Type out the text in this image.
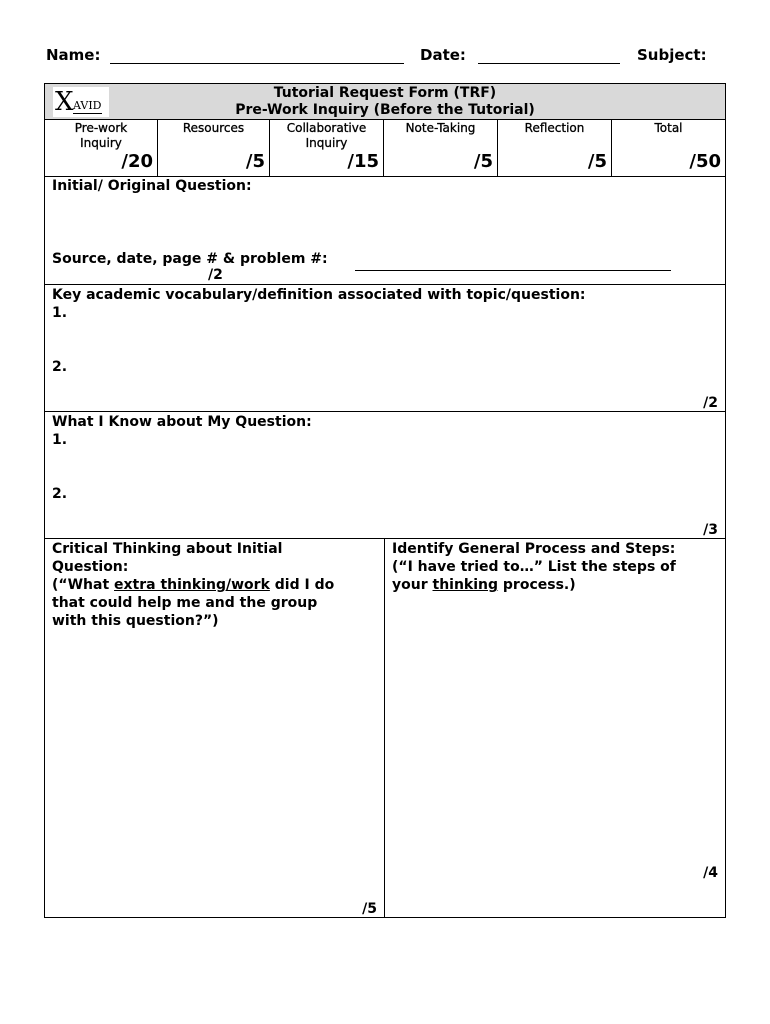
Name:	Date:	Subject:
X AVID
Tutorial Request Form (TRF)
Pre-Work Inquiry (Before the Tutorial)
Pre-work
Inquiry
/20
Resources
/5
Collaborative
Inquiry
/15
Note-Taking
/5
Reflection
/5
Total
/50
Initial/ Original Question:
Source, date, page # & problem #:
/2
Key academic vocabulary/definition associated with topic/question:
1.
2.
/2
What I Know about My Question:
1.
2.
/3
Critical Thinking about Initial
Question:
(“What extra thinking/work did I do
that could help me and the group
with this question?”)
/5
Identify General Process and Steps:
(“I have tried to…” List the steps of
your thinking process.)
/4
